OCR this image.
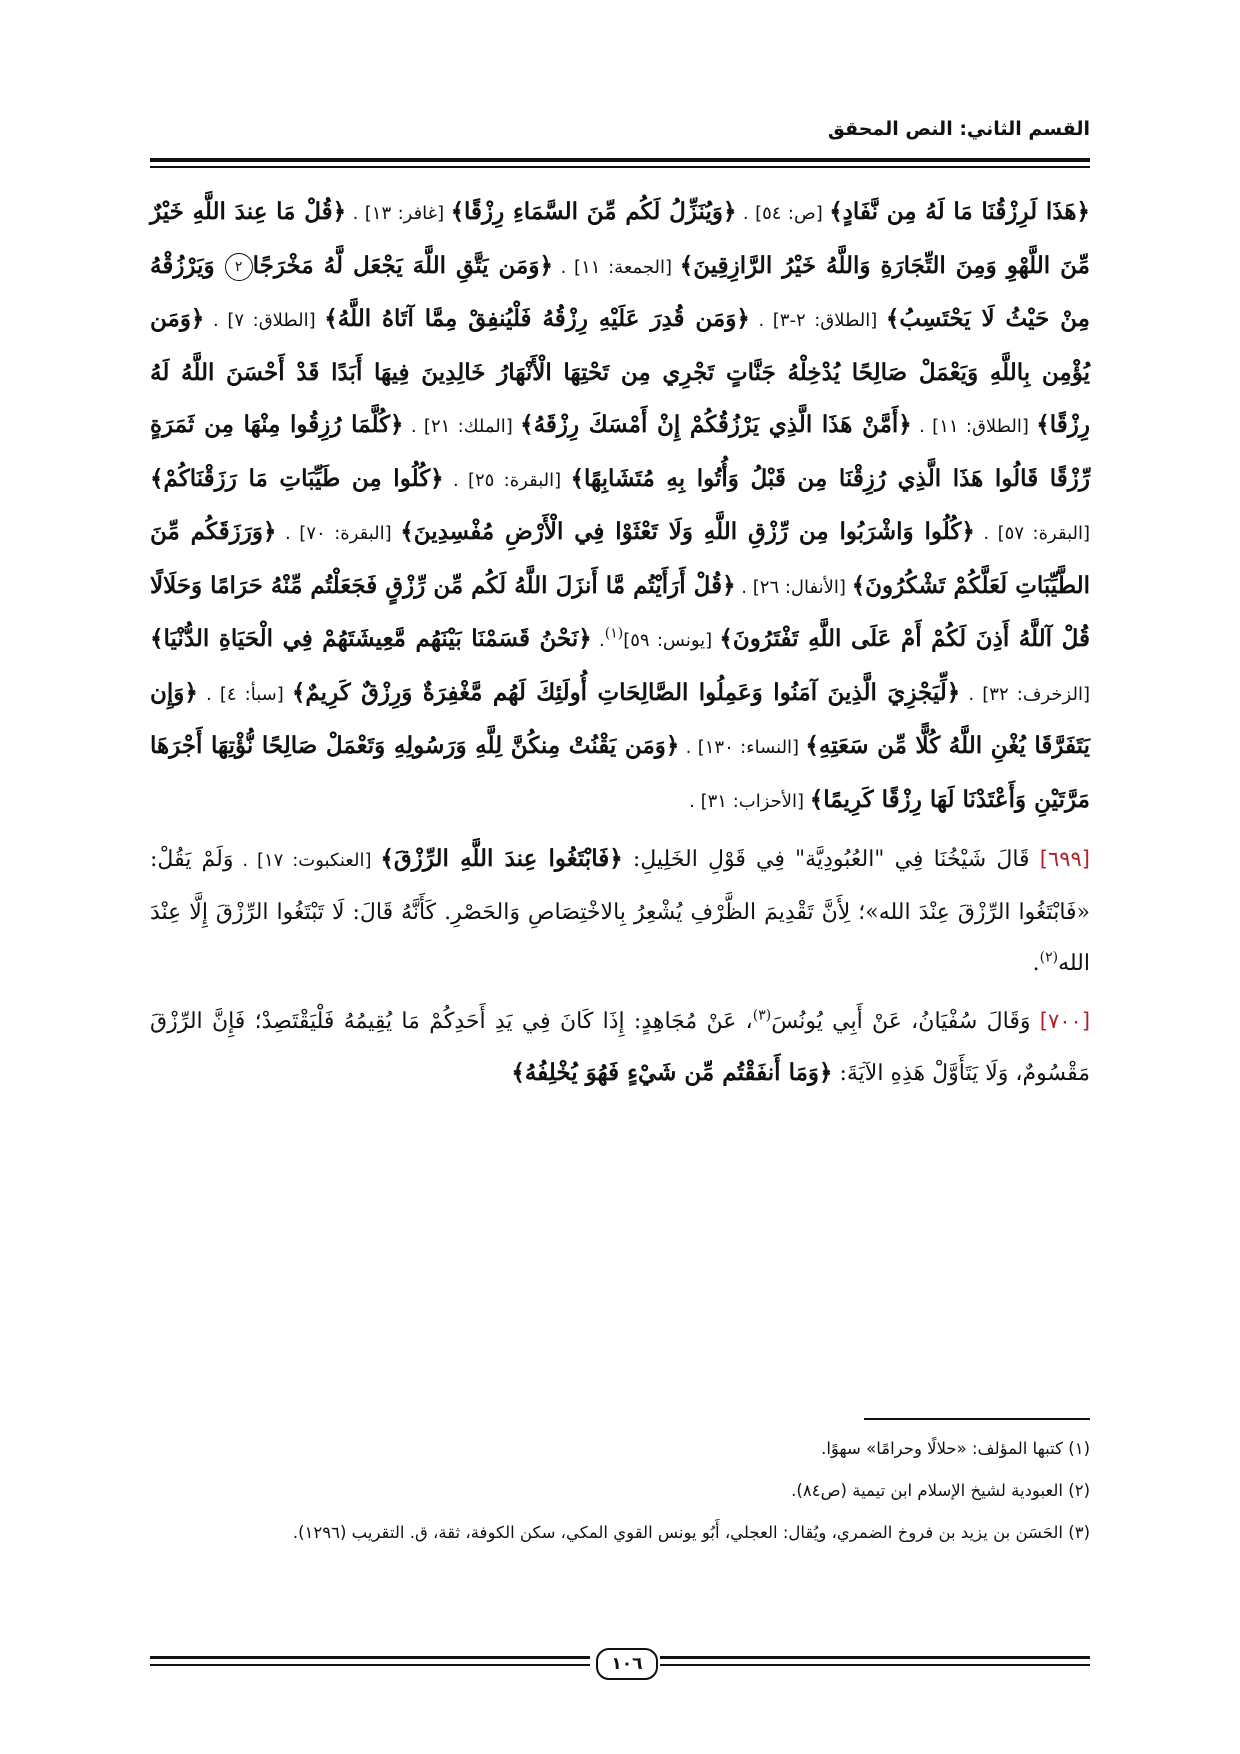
القسم الثاني: النص المحقق

﴿هَذَا لَرِزْقُنَا مَا لَهُ مِن نَّفَادٍ﴾ [ص: ٥٤] . ﴿وَيُنَزِّلُ لَكُم مِّنَ السَّمَاءِ رِزْقًا﴾ [غافر: ١٣] . ﴿قُلْ مَا عِندَ اللَّهِ خَيْرٌ مِّنَ اللَّهْوِ وَمِنَ التِّجَارَةِ وَاللَّهُ خَيْرُ الرَّازِقِينَ﴾ [الجمعة: ١١] . ﴿وَمَن يَتَّقِ اللَّهَ يَجْعَل لَّهُ مَخْرَجًا٢ وَيَرْزُقْهُ مِنْ حَيْثُ لَا يَحْتَسِبُ﴾ [الطلاق: ٢-٣] . ﴿وَمَن قُدِرَ عَلَيْهِ رِزْقُهُ فَلْيُنفِقْ مِمَّا آتَاهُ اللَّهُ﴾ [الطلاق: ٧] . ﴿وَمَن يُؤْمِن بِاللَّهِ وَيَعْمَلْ صَالِحًا يُدْخِلْهُ جَنَّاتٍ تَجْرِي مِن تَحْتِهَا الْأَنْهَارُ خَالِدِينَ فِيهَا أَبَدًا قَدْ أَحْسَنَ اللَّهُ لَهُ رِزْقًا﴾ [الطلاق: ١١] . ﴿أَمَّنْ هَذَا الَّذِي يَرْزُقُكُمْ إِنْ أَمْسَكَ رِزْقَهُ﴾ [الملك: ٢١] . ﴿كُلَّمَا رُزِقُوا مِنْهَا مِن ثَمَرَةٍ رِّزْقًا قَالُوا هَذَا الَّذِي رُزِقْنَا مِن قَبْلُ وَأُتُوا بِهِ مُتَشَابِهًا﴾ [البقرة: ٢٥] . ﴿كُلُوا مِن طَيِّبَاتِ مَا رَزَقْنَاكُمْ﴾ [البقرة: ٥٧] . ﴿كُلُوا وَاشْرَبُوا مِن رِّزْقِ اللَّهِ وَلَا تَعْثَوْا فِي الْأَرْضِ مُفْسِدِينَ﴾ [البقرة: ٧٠] . ﴿وَرَزَقَكُم مِّنَ الطَّيِّبَاتِ لَعَلَّكُمْ تَشْكُرُونَ﴾ [الأنفال: ٢٦] . ﴿قُلْ أَرَأَيْتُم مَّا أَنزَلَ اللَّهُ لَكُم مِّن رِّزْقٍ فَجَعَلْتُم مِّنْهُ حَرَامًا وَحَلَالًا قُلْ آللَّهُ أَذِنَ لَكُمْ أَمْ عَلَى اللَّهِ تَفْتَرُونَ﴾ [يونس: ٥٩]$^{(١)}$. ﴿نَحْنُ قَسَمْنَا بَيْنَهُم مَّعِيشَتَهُمْ فِي الْحَيَاةِ الدُّنْيَا﴾ [الزخرف: ٣٢] . ﴿لِّيَجْزِيَ الَّذِينَ آمَنُوا وَعَمِلُوا الصَّالِحَاتِ أُولَئِكَ لَهُم مَّغْفِرَةٌ وَرِزْقٌ كَرِيمٌ﴾ [سبأ: ٤] . ﴿وَإِن يَتَفَرَّقَا يُغْنِ اللَّهُ كُلًّا مِّن سَعَتِهِ﴾ [النساء: ١٣٠] . ﴿وَمَن يَقْنُتْ مِنكُنَّ لِلَّهِ وَرَسُولِهِ وَتَعْمَلْ صَالِحًا نُّؤْتِهَا أَجْرَهَا مَرَّتَيْنِ وَأَعْتَدْنَا لَهَا رِزْقًا كَرِيمًا﴾ [الأحزاب: ٣١] .

[٦٩٩] قَالَ شَيْخُنَا فِي "العُبُودِيَّة" فِي قَوْلِ الخَلِيلِ: ﴿فَابْتَغُوا عِندَ اللَّهِ الرِّزْقَ﴾ [العنكبوت: ١٧] . وَلَمْ يَقُلْ: «فَابْتَغُوا الرِّزْقَ عِنْدَ الله»؛ لِأَنَّ تَقْدِيمَ الظَّرْفِ يُشْعِرُ بِالاخْتِصَاصِ وَالحَصْرِ. كَأَنَّهُ قَالَ: لَا تَبْتَغُوا الرِّزْقَ إِلَّا عِنْدَ الله$^{(٢)}$.

[٧٠٠] وَقَالَ سُفْيَانُ، عَنْ أَبِي يُونُسَ$^{(٣)}$، عَنْ مُجَاهِدٍ: إِذَا كَانَ فِي يَدِ أَحَدِكُمْ مَا يُقِيمُهُ فَلْيَقْتَصِدْ؛ فَإِنَّ الرِّزْقَ مَقْسُومٌ، وَلَا يَتَأَوَّلْ هَذِهِ الآيَةَ: ﴿وَمَا أَنفَقْتُم مِّن شَيْءٍ فَهُوَ يُخْلِفُهُ﴾

(١) كتبها المؤلف: «حلالًا وحرامًا» سهوًا.

(٢) العبودية لشيخ الإسلام ابن تيمية (ص٨٤).

(٣) الحَسَن بن يزيد بن فروخ الضمري، ويُقال: العجلي، أَبُو يونس القوي المكي، سكن الكوفة، ثقة، ق. التقريب (١٢٩٦).

١٠٦
